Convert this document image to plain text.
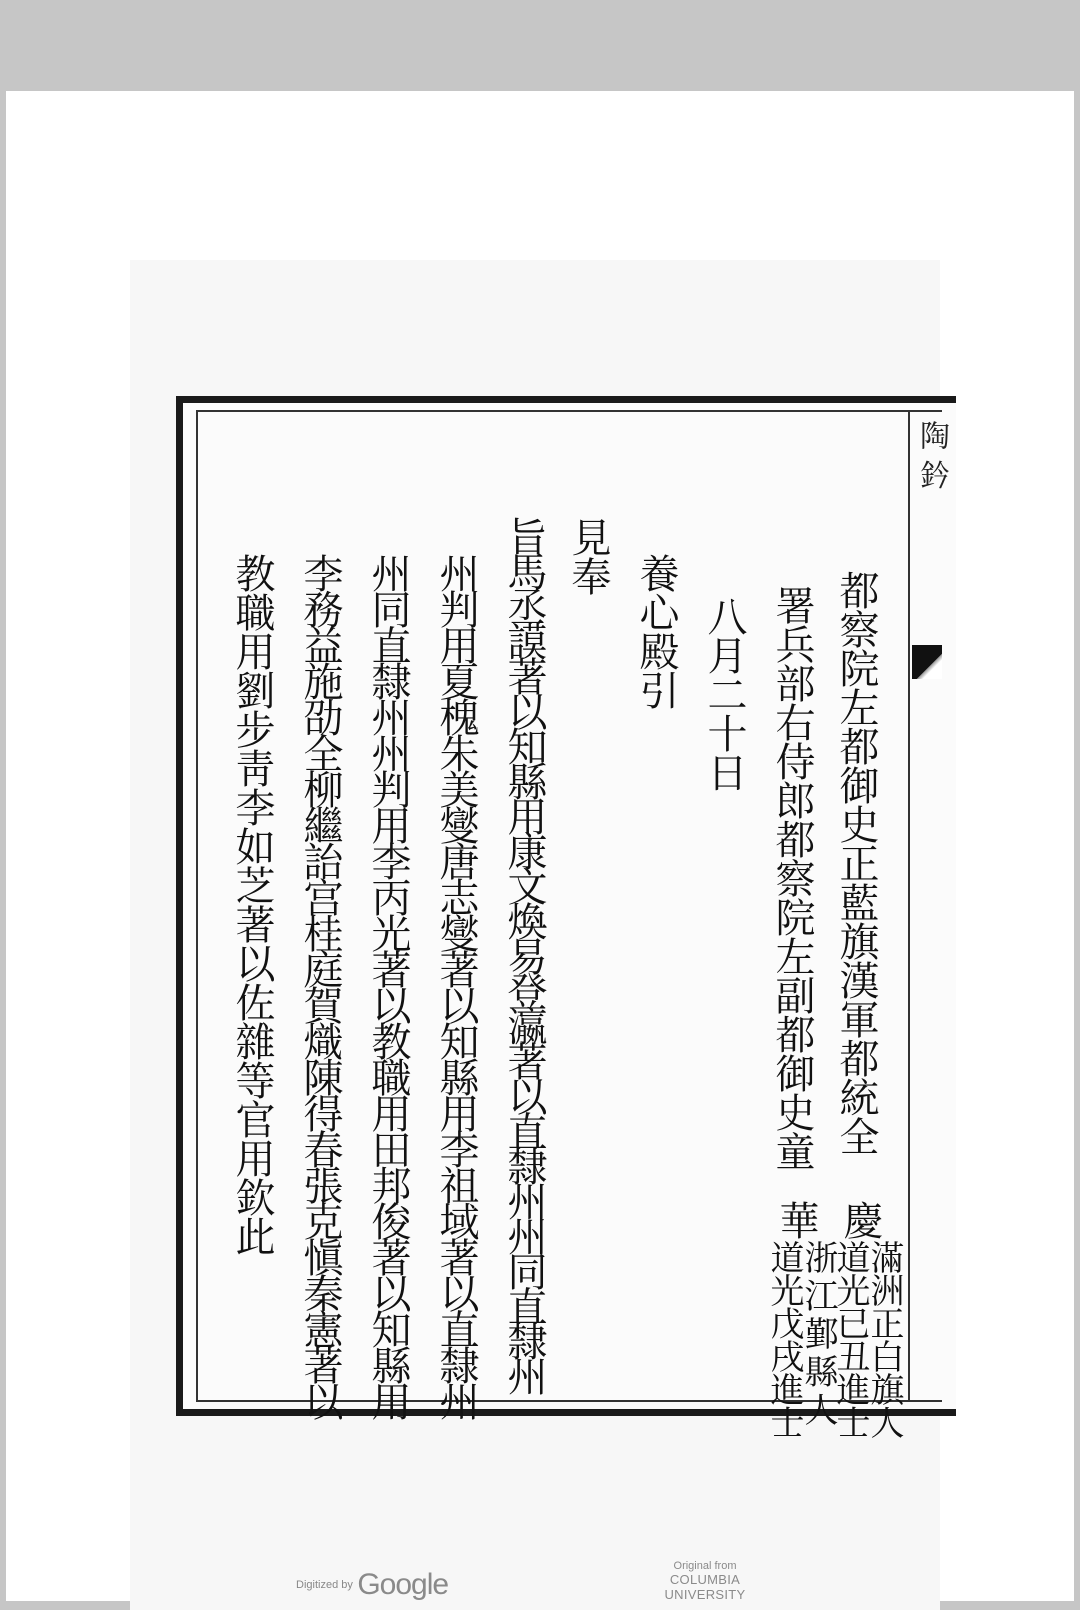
陶 鈐
都察院左都御史正藍旗漢軍都統全
署兵部右侍郎都察院左副都御史童
八月二十日
養心殿引
見奉
旨馬丞謨著以知縣用康文煥易登瀛著以直隸州州同直隸州
州判用夏槐朱美燮唐志燮著以知縣用李祖域著以直隸州
州同直隸州州判用李丙光著以教職用田邦俊著以知縣用
李務益施劭全柳繼詒宫桂庭賀熾陳得春張克愼秦憲著以
教職用劉步靑李如芝著以佐雜等官用欽此	慶
滿洲正白旗人
道光已丑進士
華
浙江鄞縣人
道光戊戌進士
Digitized by Google
Original from
COLUMBIA UNIVERSITY
